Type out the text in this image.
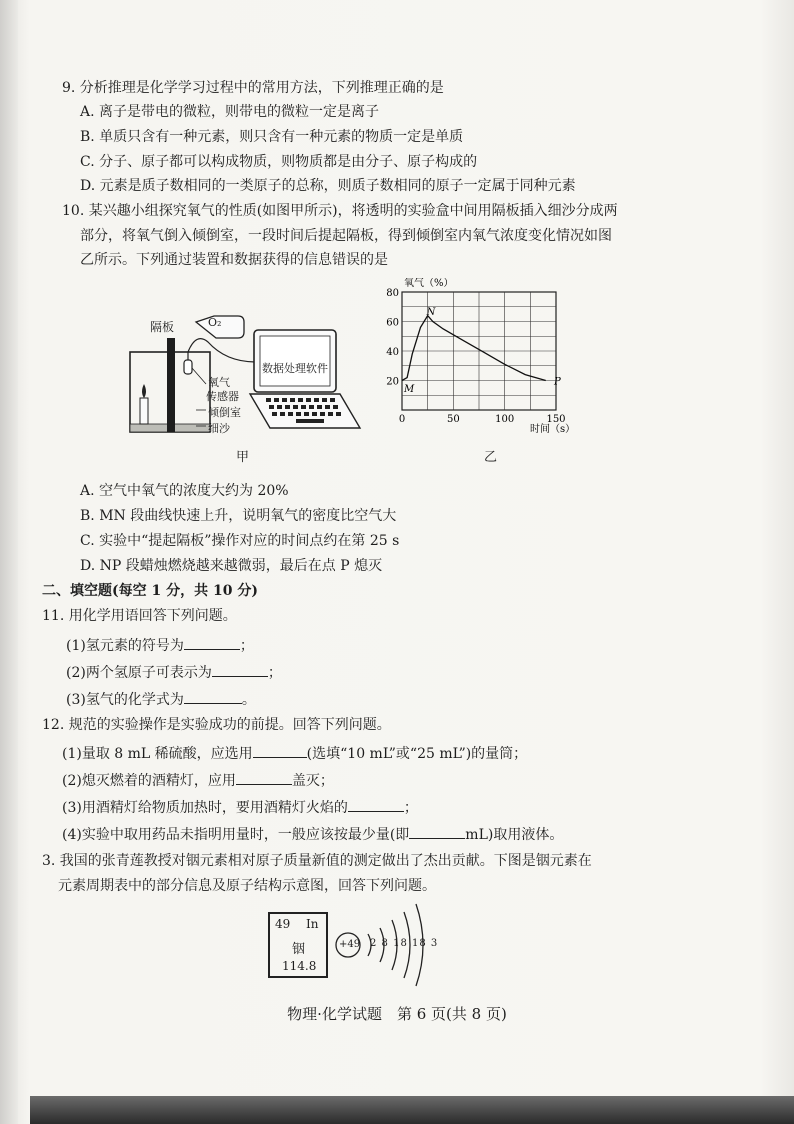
9. 分析推理是化学学习过程中的常用方法，下列推理正确的是
A. 离子是带电的微粒，则带电的微粒一定是离子
B. 单质只含有一种元素，则只含有一种元素的物质一定是单质
C. 分子、原子都可以构成物质，则物质都是由分子、原子构成的
D. 元素是质子数相同的一类原子的总称，则质子数相同的原子一定属于同种元素
10. 某兴趣小组探究氧气的性质(如图甲所示)，将透明的实验盒中间用隔板插入细沙分成两
部分，将氧气倒入倾倒室，一段时间后提起隔板，得到倾倒室内氧气浓度变化情况如图
乙所示。下列通过装置和数据获得的信息错误的是
隔板	O₂
氧气
传感器
倾倒室
细沙
数据处理软件
甲
0	50	100	150
20
40
60
80
M
N
P
氧气（%）
时间（s）
乙
A. 空气中氧气的浓度大约为 20%
B. MN 段曲线快速上升，说明氧气的密度比空气大
C. 实验中“提起隔板”操作对应的时间点约在第 25 s
D. NP 段蜡烛燃烧越来越微弱，最后在点 P 熄灭
二、填空题(每空 1 分，共 10 分)
11. 用化学用语回答下列问题。
(1)氢元素的符号为	；
(2)两个氢原子可表示为	；
(3)氢气的化学式为	。
12. 规范的实验操作是实验成功的前提。回答下列问题。
(1)量取 8 mL 稀硫酸，应选用	(选填“10 mL”或“25 mL”)的量筒；
(2)熄灭燃着的酒精灯，应用	盖灭；
(3)用酒精灯给物质加热时，要用酒精灯火焰的	；
(4)实验中取用药品未指明用量时，一般应该按最少量(即	mL)取用液体。
3. 我国的张青莲教授对铟元素相对原子质量新值的测定做出了杰出贡献。下图是铟元素在
元素周期表中的部分信息及原子结构示意图，回答下列问题。
49 In
铟
114.8
+49 2 8 18 18 3
物理·化学试题　第 6 页(共 8 页)
